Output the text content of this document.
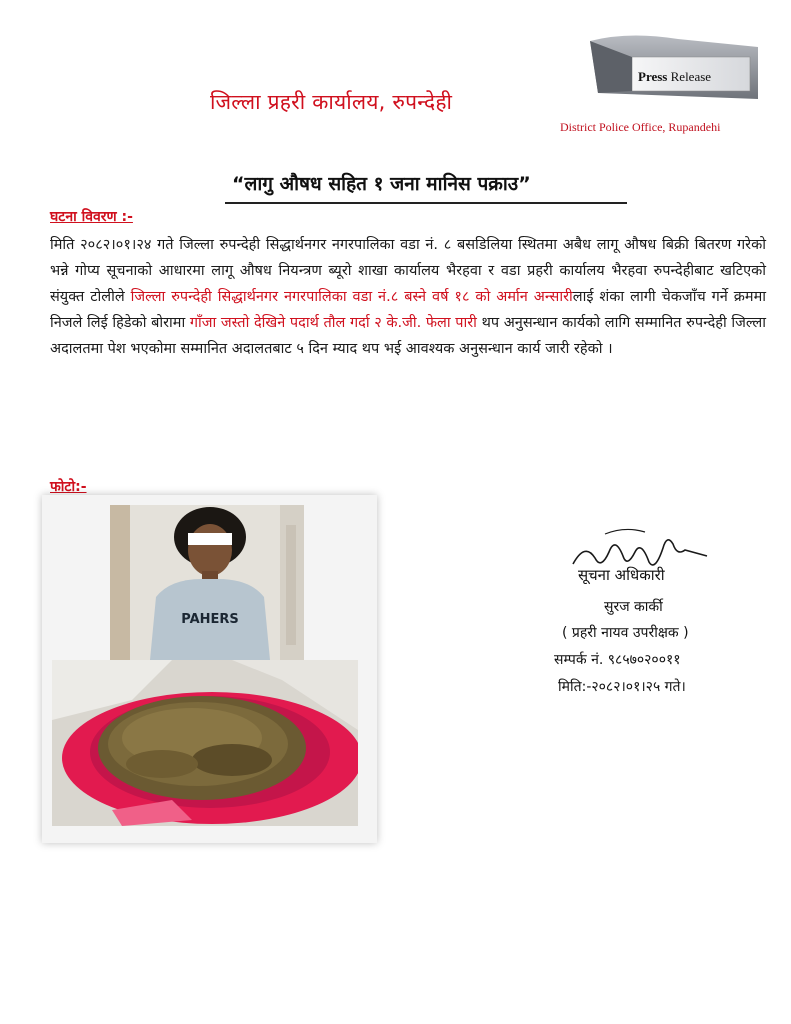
Press Release
जिल्ला प्रहरी कार्यालय, रुपन्देही
District Police Office, Rupandehi
“लागु औषध सहित १ जना मानिस पक्राउ”
घटना विवरण :-
मिति २०८२।०१।२४ गते जिल्ला रुपन्देही सिद्धार्थनगर नगरपालिका वडा नं. ८ बसडिलिया स्थितमा अबैध लागू औषध बिक्री बितरण गरेको भन्ने गोप्य सूचनाको आधारमा लागू औषध नियन्त्रण ब्यूरो शाखा कार्यालय भैरहवा र वडा प्रहरी कार्यालय भैरहवा रुपन्देहीबाट खटिएको संयुक्त टोलीले जिल्ला रुपन्देही सिद्धार्थनगर नगरपालिका वडा नं.८ बस्ने वर्ष १८ को अर्मान अन्सारीलाई शंका लागी चेकजाँच गर्ने क्रममा निजले लिई हिडेको बोरामा गाँजा जस्तो देखिने पदार्थ तौल गर्दा २ के.जी. फेला पारी थप अनुसन्धान कार्यको लागि सम्मानित रुपन्देही जिल्ला अदालतमा पेश भएकोमा सम्मानित अदालतबाट ५ दिन म्याद थप भई आवश्यक अनुसन्धान कार्य जारी रहेको ।
फोटो:-
PAHERS
सूचना अधिकारी
सुरज कार्की
( प्रहरी नायव उपरीक्षक )
सम्पर्क नं. ९८५७०२००११
मिति:-२०८२।०१।२५ गते।
